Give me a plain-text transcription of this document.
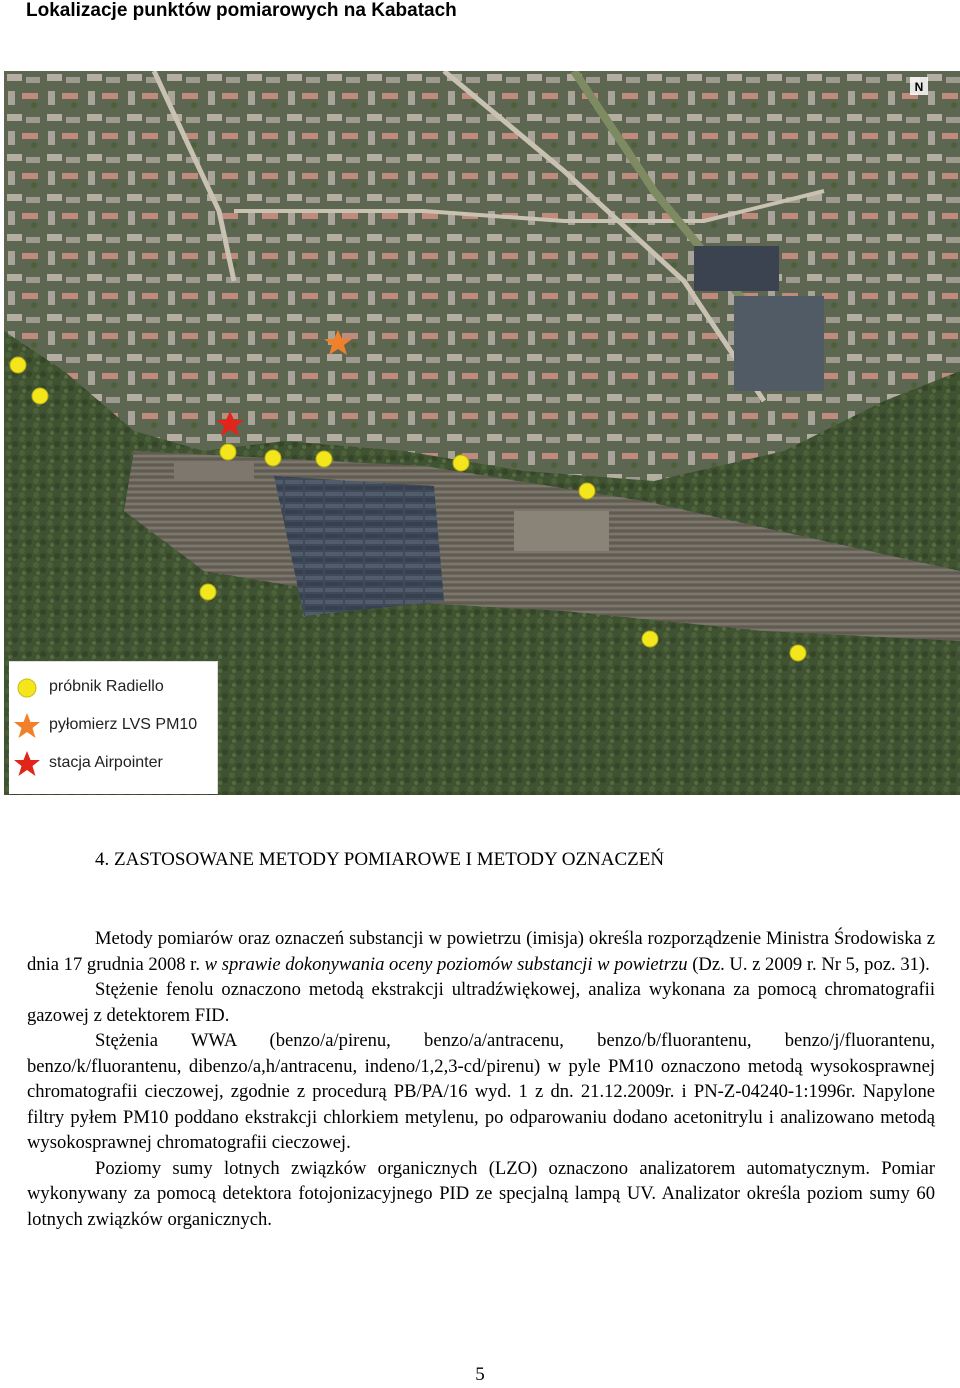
Lokalizacje punktów pomiarowych na Kabatach
N
próbnik Radiello
pyłomierz LVS PM10
stacja Airpointer
4. ZASTOSOWANE METODY POMIAROWE I METODY OZNACZEŃ

Metody pomiarów oraz oznaczeń substancji w powietrzu (imisja) określa rozporządzenie Ministra Środowiska z dnia 17 grudnia 2008 r. w sprawie dokonywania oceny poziomów substancji w powietrzu (Dz. U. z 2009 r. Nr 5, poz. 31).

Stężenie fenolu oznaczono metodą ekstrakcji ultradźwiękowej, analiza wykonana za pomocą chromatografii gazowej z detektorem FID.

Stężenia WWA (benzo/a/pirenu, benzo/a/antracenu, benzo/b/fluorantenu, benzo/j/fluorantenu, benzo/k/fluorantenu, dibenzo/a,h/antracenu, indeno/1,2,3-cd/pirenu) w pyle PM10 oznaczono metodą wysokosprawnej chromatografii cieczowej, zgodnie z procedurą PB/PA/16 wyd. 1 z dn. 21.12.2009r. i PN-Z-04240-1:1996r. Napylone filtry pyłem PM10 poddano ekstrakcji chlorkiem metylenu, po odparowaniu dodano acetonitrylu i analizowano metodą wysokosprawnej chromatografii cieczowej.

Poziomy sumy lotnych związków organicznych (LZO) oznaczono analizatorem automatycznym. Pomiar wykonywany za pomocą detektora fotojonizacyjnego PID ze specjalną lampą UV. Analizator określa poziom sumy 60 lotnych związków organicznych.

5
